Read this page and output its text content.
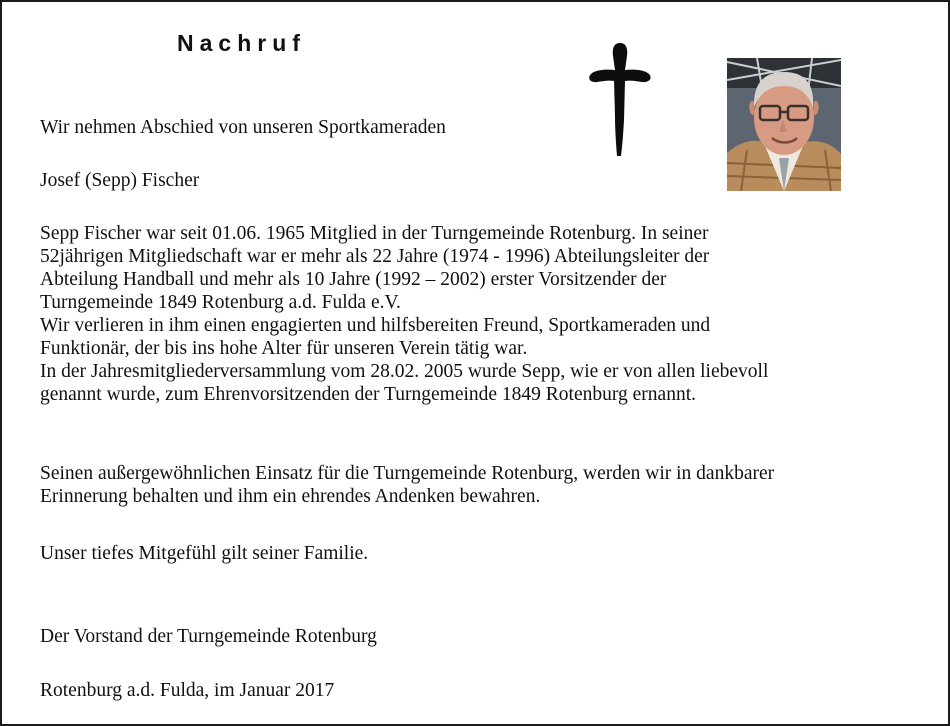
Nachruf

Wir nehmen Abschied von unseren Sportkameraden

Josef (Sepp) Fischer

Sepp Fischer war seit 01.06. 1965 Mitglied in der Turngemeinde Rotenburg. In seiner

52jährigen Mitgliedschaft war er mehr als 22 Jahre (1974 - 1996) Abteilungsleiter der

Abteilung Handball und mehr als 10 Jahre (1992 – 2002) erster Vorsitzender der

Turngemeinde 1849 Rotenburg a.d. Fulda e.V.

Wir verlieren in ihm einen engagierten und hilfsbereiten Freund, Sportkameraden und

Funktionär, der bis ins hohe Alter für unseren Verein tätig war.

In der Jahresmitgliederversammlung vom 28.02. 2005 wurde Sepp, wie er von allen liebevoll

genannt wurde, zum Ehrenvorsitzenden der Turngemeinde 1849 Rotenburg ernannt.

Seinen außergewöhnlichen Einsatz für die Turngemeinde Rotenburg, werden wir in dankbarer

Erinnerung behalten und ihm ein ehrendes Andenken bewahren.

Unser tiefes Mitgefühl gilt seiner Familie.

Der Vorstand der Turngemeinde Rotenburg

Rotenburg a.d. Fulda, im Januar 2017
